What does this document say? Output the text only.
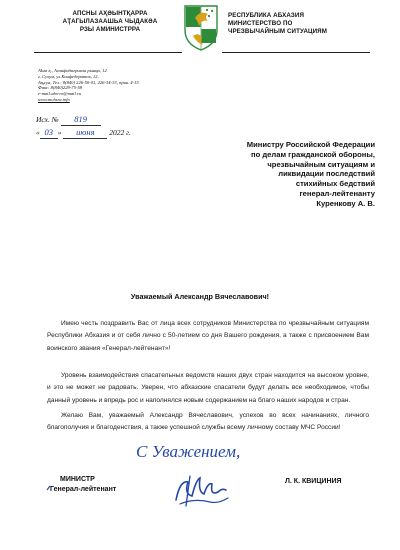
АПСНЫ АҲӘЫНТҚАРРА
АҬАГЫЛАЗААШЬА ЧЫДАКӘА
РЗЫ АМИНИСТРРА
РЕСПУБЛИКА АБХАЗИЯ
МИНИСТЕРСТВО ПО
ЧРЕЗВЫЧАЙНЫМ СИТУАЦИЯМ
Аҟәа қ., Ахэнфадагринэа рынҵа, 12
г. Сухум, ул.Конфедератов, 12,
Аҧсуа, Тел.: 8(840) 226-50-01, 226-34-33, прив. 4-15
Факс: 8(840)229-75-58
e-mail:abx-ro@mail.ru
www.mchsra.info
Исх. № 819
« 03 » июня 2022 г.
Министру Российской Федерации
по делам гражданской обороны,
чрезвычайным ситуациям и
ликвидации последствий
стихийных бедствий
генерал-лейтенанту
Куренкову А. В.
Уважаемый Александр Вячеславович!

Имею честь поздравить Вас от лица всех сотрудников Министерства по чрезвычайным ситуациям Республики Абхазия и от себя лично с 50-летием со дня Вашего рождения, а также с присвоением Вам воинского звания «Генерал-лейтенант»!

Уровень взаимодействия спасательных ведомств наших двух стран находится на высоком уровне, и это не может не радовать. Уверен, что абхазские спасатели будут делать все необходимое, чтобы данный уровень и впредь рос и наполнялся новым содержанием на благо наших народов и стран.

Желаю Вам, уважаемый Александр Вячеславович, успехов во всех начинаниях, личного благополучия и благоденствия, а также успешной службы всему личному составу МЧС России!

С Уважением,
МИНИСТР
Генерал-лейтенант
Л. К. КВИЦИНИЯ
